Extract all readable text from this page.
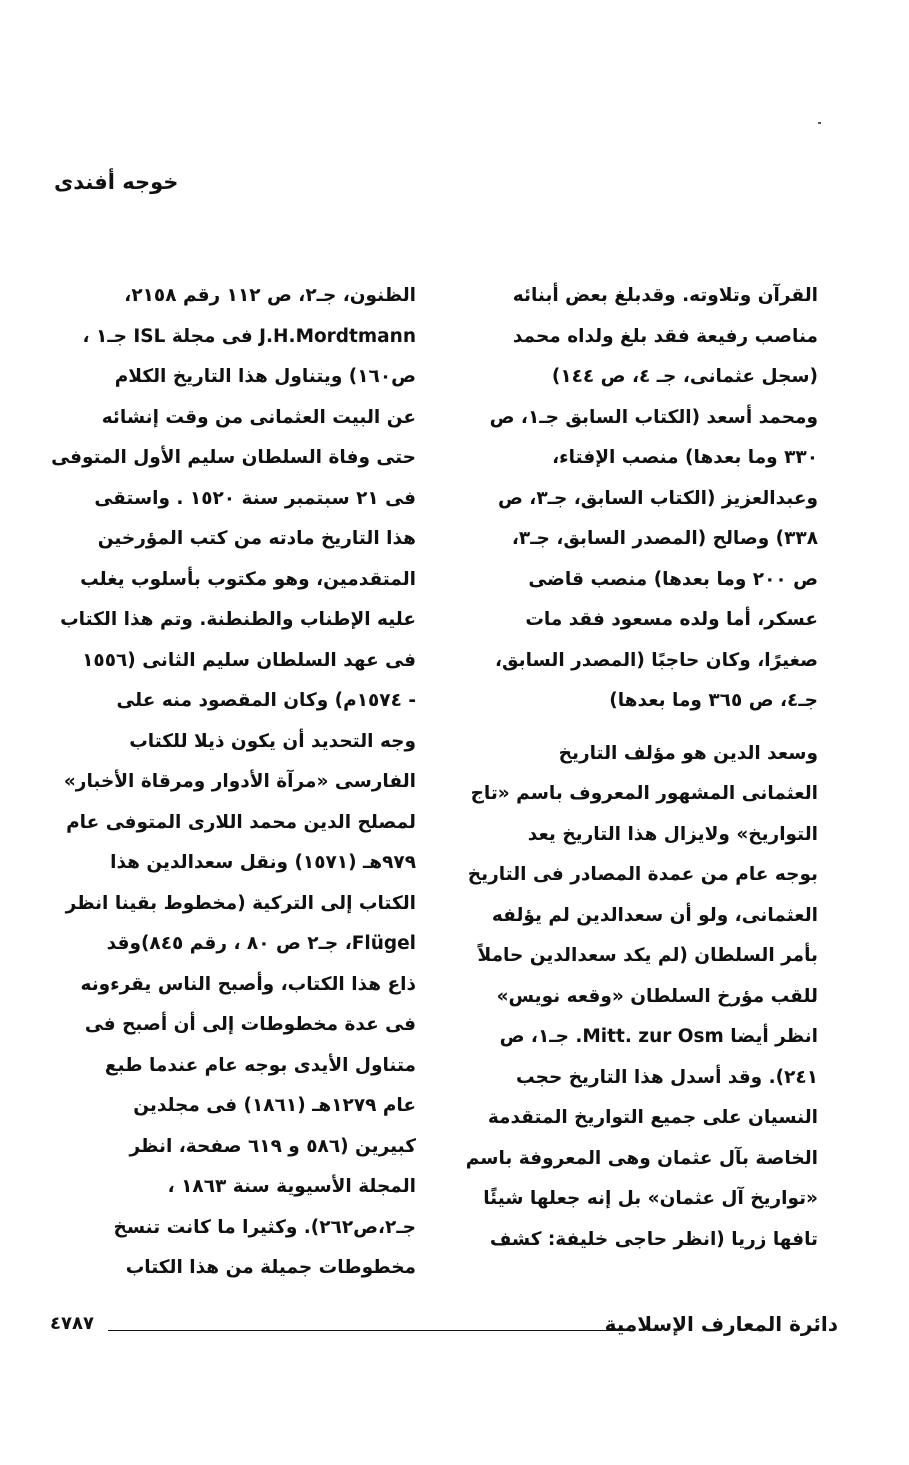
خوجه أفندى
القرآن وتلاوته. وقدبلغ بعض أبنائه
مناصب رفيعة فقد بلغ ولداه محمد
(سجل عثمانى، جـ ٤، ص ١٤٤)
ومحمد أسعد (الكتاب السابق جـ١، ص
٣٣٠ وما بعدها) منصب الإفتاء،
وعبدالعزيز (الكتاب السابق، جـ٣، ص
٣٣٨) وصالح (المصدر السابق، جـ٣،
ص ٢٠٠ وما بعدها) منصب قاضى
عسكر، أما ولده مسعود فقد مات
صغيرًا، وكان حاجبًا (المصدر السابق،
جـ٤، ص ٣٦٥ وما بعدها)
وسعد الدين هو مؤلف التاريخ
العثمانى المشهور المعروف باسم «تاج
التواريخ» ولايزال هذا التاريخ يعد
بوجه عام من عمدة المصادر فى التاريخ
العثمانى، ولو أن سعدالدين لم يؤلفه
بأمر السلطان (لم يكد سعدالدين حاملاً
للقب مؤرخ السلطان «وقعه نويس»
انظر أيضا Mitt. zur Osm. جـ١، ص
٢٤١). وقد أسدل هذا التاريخ حجب
النسيان على جميع التواريخ المتقدمة
الخاصة بآل عثمان وهى المعروفة باسم
«تواريخ آل عثمان» بل إنه جعلها شيئًا
تافها زريا (انظر حاجى خليفة: كشف
الظنون، جـ٢، ص ١١٢ رقم ٢١٥٨،
J.H.Mordtmann فى مجلة ISL جـ١ ،
ص١٦٠) ويتناول هذا التاريخ الكلام
عن البيت العثمانى من وقت إنشائه
حتى وفاة السلطان سليم الأول المتوفى
فى ٢١ سبتمبر سنة ١٥٢٠ . واستقى
هذا التاريخ مادته من كتب المؤرخين
المتقدمين، وهو مكتوب بأسلوب يغلب
عليه الإطناب والطنطنة. وتم هذا الكتاب
فى عهد السلطان سليم الثانى (١٥٥٦
- ١٥٧٤م) وكان المقصود منه على
وجه التحديد أن يكون ذيلا للكتاب
الفارسى «مرآة الأدوار ومرقاة الأخبار»
لمصلح الدين محمد اللارى المتوفى عام
٩٧٩هـ (١٥٧١) ونقل سعدالدين هذا
الكتاب إلى التركية (مخطوط بقينا انظر
Flügel، جـ٢ ص ٨٠ ، رقم ٨٤٥)وقد
ذاع هذا الكتاب، وأصبح الناس يقرءونه
فى عدة مخطوطات إلى أن أصبح فى
متناول الأيدى بوجه عام عندما طبع
عام ١٢٧٩هـ (١٨٦١) فى مجلدين
كبيرين (٥٨٦ و ٦١٩ صفحة، انظر
المجلة الأسيوية سنة ١٨٦٣ ،
جـ٢،ص٢٦٢). وكثيرا ما كانت تنسخ
مخطوطات جميلة من هذا الكتاب
دائرة المعارف الإسلامية
٤٧٨٧
